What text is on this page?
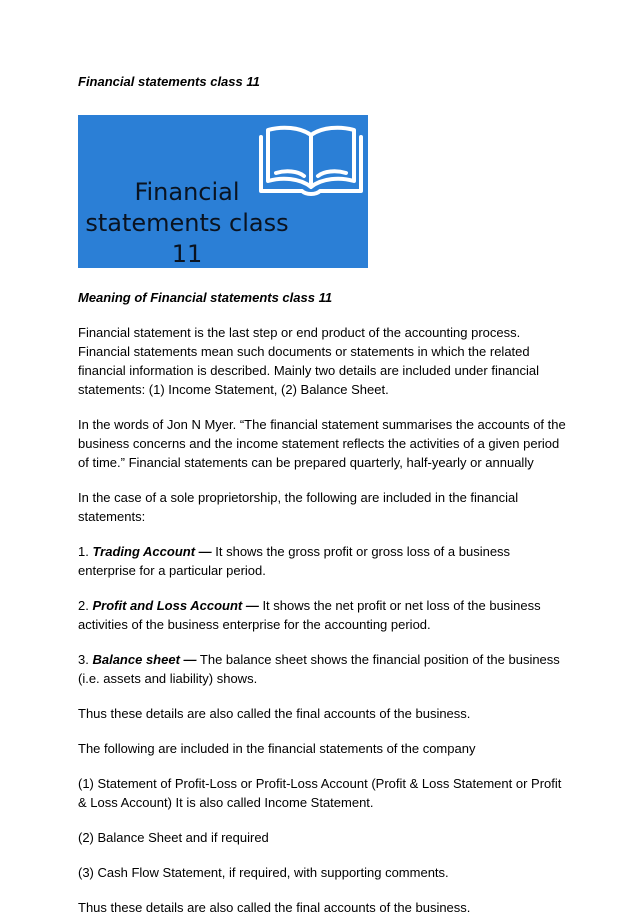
Financial statements class 11

Financial
statements class
11

Meaning of Financial statements class 11

Financial statement is the last step or end product of the accounting process. Financial statements mean such documents or statements in which the related financial information is described. Mainly two details are included under financial statements: (1) Income Statement, (2) Balance Sheet.

In the words of Jon N Myer. “The financial statement summarises the accounts of the business concerns and the income statement reflects the activities of a given period of time.” Financial statements can be prepared quarterly, half-yearly or annually

In the case of a sole proprietorship, the following are included in the financial statements:

1. Trading Account — It shows the gross profit or gross loss of a business enterprise for a particular period.

2. Profit and Loss Account — It shows the net profit or net loss of the business activities of the business enterprise for the accounting period.

3. Balance sheet — The balance sheet shows the financial position of the business (i.e. assets and liability) shows.

Thus these details are also called the final accounts of the business.

The following are included in the financial statements of the company

(1) Statement of Profit-Loss or Profit-Loss Account (Profit & Loss Statement or Profit & Loss Account) It is also called Income Statement.

(2) Balance Sheet and if required

(3) Cash Flow Statement, if required, with supporting comments.

Thus these details are also called the final accounts of the business.
